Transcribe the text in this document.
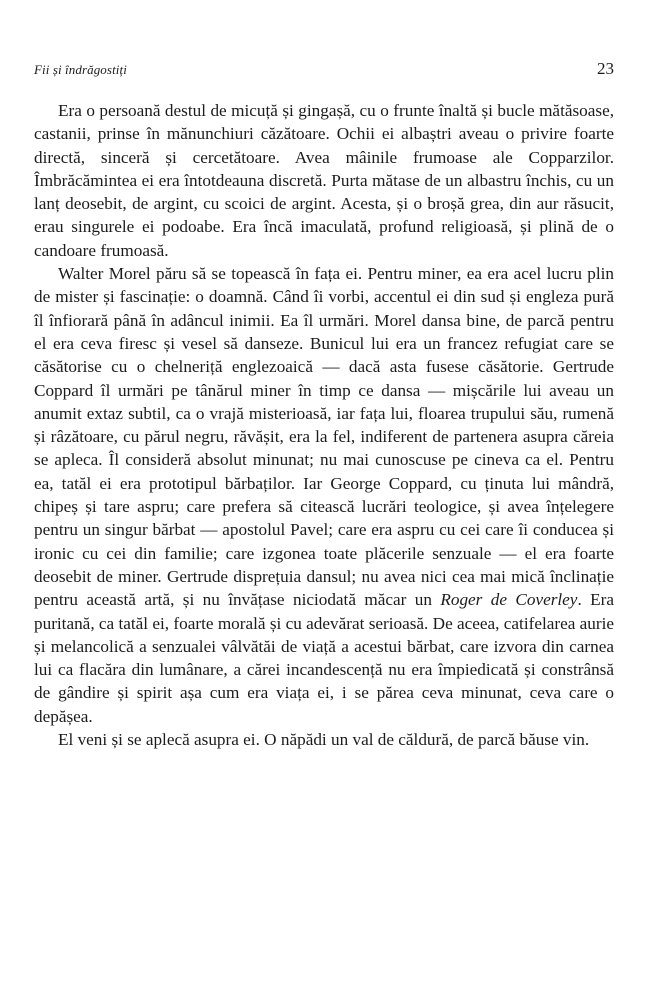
Fii și îndrăgostiți	23

Era o persoană destul de micuță și gingașă, cu o frunte înaltă și bucle mătăsoase, castanii, prinse în mănunchiuri căzătoare. Ochii ei albaștri aveau o privire foarte directă, sinceră și cercetătoare. Avea mâinile frumoase ale Copparzilor. Îmbrăcămintea ei era întotdeauna discretă. Purta mătase de un albastru închis, cu un lanț deosebit, de argint, cu scoici de argint. Acesta, și o broșă grea, din aur răsucit, erau singurele ei podoabe. Era încă imaculată, profund religioasă, și plină de o candoare frumoasă.

Walter Morel păru să se topească în fața ei. Pentru miner, ea era acel lucru plin de mister și fascinație: o doamnă. Când îi vorbi, accentul ei din sud și engleza pură îl înfiorară până în adâncul inimii. Ea îl urmări. Morel dansa bine, de parcă pentru el era ceva firesc și vesel să danseze. Bunicul lui era un francez refugiat care se căsătorise cu o chelneriță englezoaică — dacă asta fusese căsătorie. Gertrude Coppard îl urmări pe tânărul miner în timp ce dansa — mișcările lui aveau un anumit extaz subtil, ca o vrajă misterioasă, iar fața lui, floarea trupului său, rumenă și râzătoare, cu părul negru, răvășit, era la fel, indiferent de partenera asupra căreia se apleca. Îl consideră absolut minunat; nu mai cunoscuse pe cineva ca el. Pentru ea, tatăl ei era prototipul bărbaților. Iar George Coppard, cu ținuta lui mândră, chipeș și tare aspru; care prefera să citească lucrări teologice, și avea înțelegere pentru un singur bărbat — apostolul Pavel; care era aspru cu cei care îi conducea și ironic cu cei din familie; care izgonea toate plăcerile senzuale — el era foarte deosebit de miner. Gertrude disprețuia dansul; nu avea nici cea mai mică înclinație pentru această artă, și nu învățase niciodată măcar un Roger de Coverley. Era puritană, ca tatăl ei, foarte morală și cu adevărat serioasă. De aceea, catifelarea aurie și melancolică a senzualei vâlvătăi de viață a acestui bărbat, care izvora din carnea lui ca flacăra din lumânare, a cărei incandescență nu era împiedicată și constrânsă de gândire și spirit așa cum era viața ei, i se părea ceva minunat, ceva care o depășea.

El veni și se aplecă asupra ei. O năpădi un val de căldură, de parcă băuse vin.
